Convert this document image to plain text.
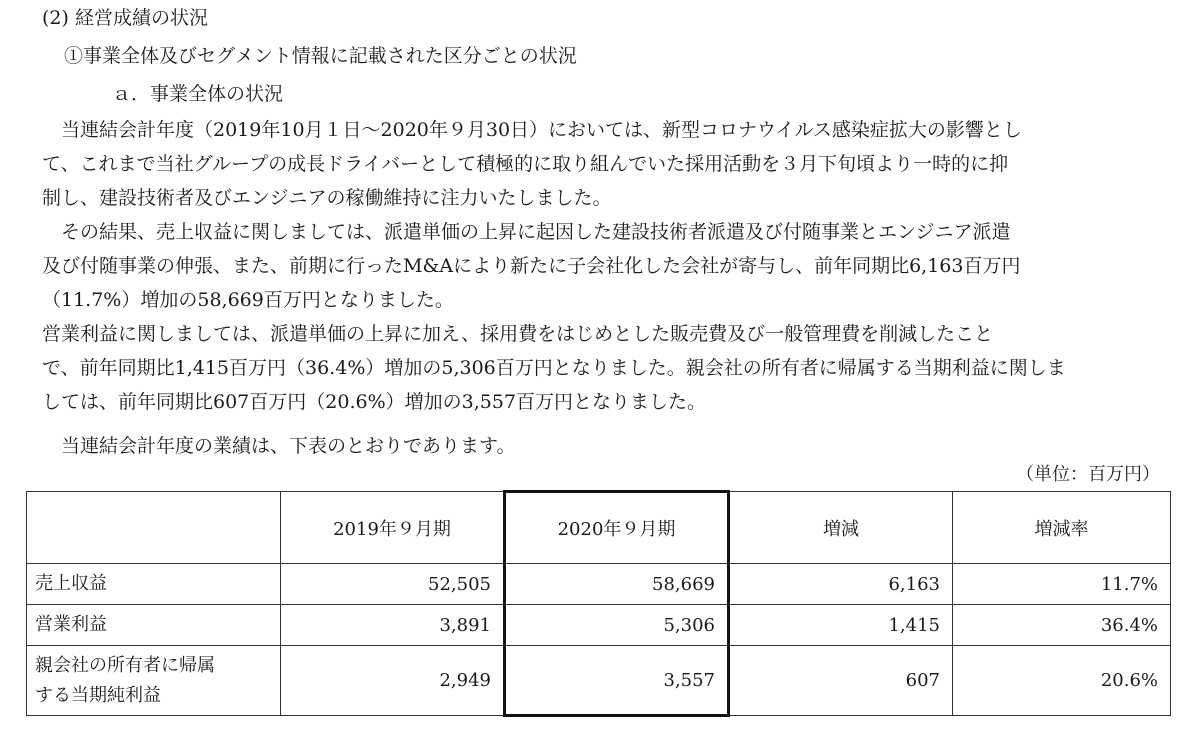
(2) 経営成績の状況
①事業全体及びセグメント情報に記載された区分ごとの状況
ａ．事業全体の状況
　当連結会計年度（2019年10月１日～2020年９月30日）においては、新型コロナウイルス感染症拡大の影響とし
て、これまで当社グループの成長ドライバーとして積極的に取り組んでいた採用活動を３月下旬頃より一時的に抑
制し、建設技術者及びエンジニアの稼働維持に注力いたしました。
　その結果、売上収益に関しましては、派遣単価の上昇に起因した建設技術者派遣及び付随事業とエンジニア派遣
及び付随事業の伸張、また、前期に行ったM&Aにより新たに子会社化した会社が寄与し、前年同期比6,163百万円
（11.7%）増加の58,669百万円となりました。
営業利益に関しましては、派遣単価の上昇に加え、採用費をはじめとした販売費及び一般管理費を削減したこと
で、前年同期比1,415百万円（36.4%）増加の5,306百万円となりました。親会社の所有者に帰属する当期利益に関しま
しては、前年同期比607百万円（20.6%）増加の3,557百万円となりました。
　当連結会計年度の業績は、下表のとおりであります。
（単位：百万円）
	2019年９月期	2020年９月期	増減	増減率
売上収益	52,505	58,669	6,163	11.7%
営業利益	3,891	5,306	1,415	36.4%
親会社の所有者に帰属
する当期純利益	2,949	3,557	607	20.6%
